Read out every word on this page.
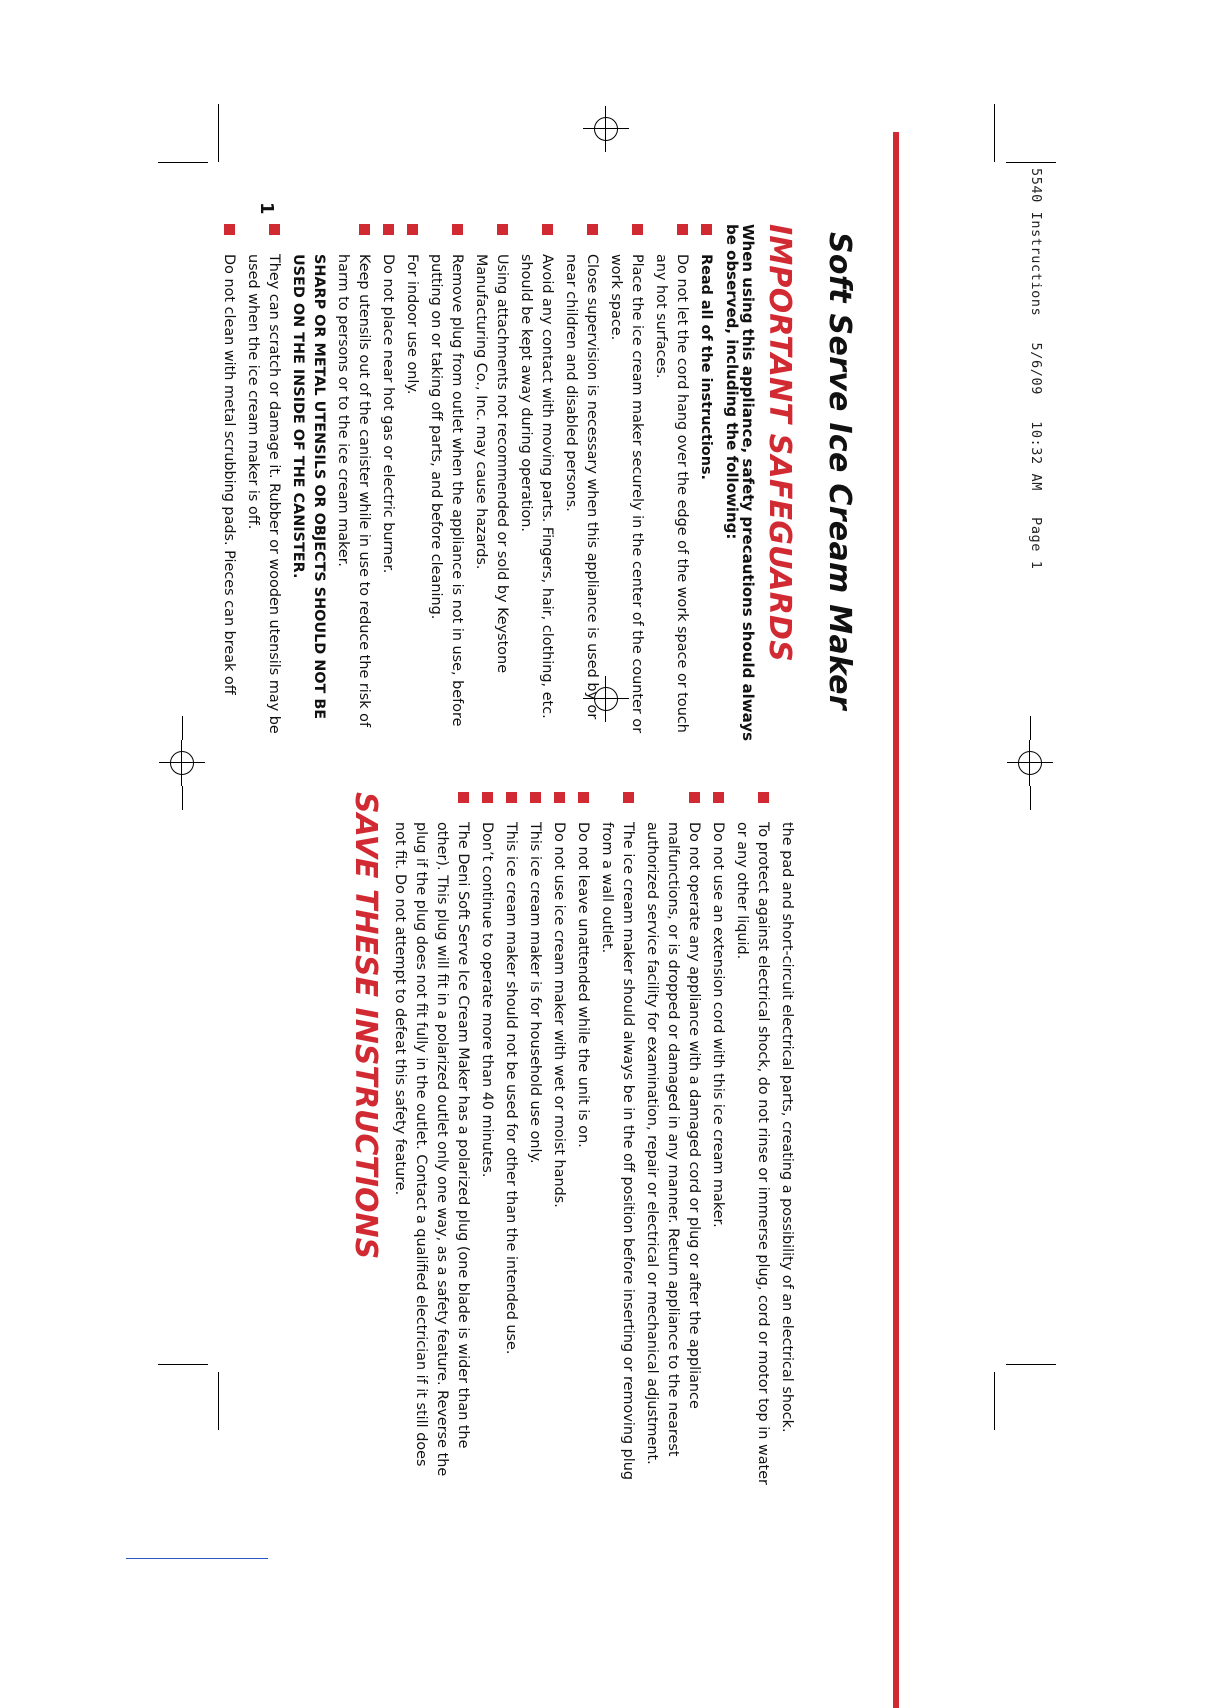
5540 Instructions   5/6/09   10:32 AM   Page 1
Soft Serve Ice Cream Maker
IMPORTANT SAFEGUARDS

When using this appliance, safety precautions should always be observed, including the following:

Read all of the instructions.
Do not let the cord hang over the edge of the work space or touch any hot surfaces.
Place the ice cream maker securely in the center of the counter or work space.
Close supervision is necessary when this appliance is used by or near children and disabled persons.
Avoid any contact with moving parts. Fingers, hair, clothing, etc. should be kept away during operation.
Using attachments not recommended or sold by Keystone Manufacturing Co., Inc. may cause hazards.
Remove plug from outlet when the appliance is not in use, before putting on or taking off parts, and before cleaning.
For indoor use only.
Do not place near hot gas or electric burner.
Keep utensils out of the canister while in use to reduce the risk of harm to persons or to the ice cream maker.
SHARP OR METAL UTENSILS OR OBJECTS SHOULD NOT BE USED ON THE INSIDE OF THE CANISTER.
They can scratch or damage it. Rubber or wooden utensils may be used when the ice cream maker is off.
Do not clean with metal scrubbing pads. Pieces can break off
the pad and short-circuit electrical parts, creating a possibility of an electrical shock.
To protect against electrical shock, do not rinse or immerse plug, cord or motor top in water or any other liquid.
Do not use an extension cord with this ice cream maker.
Do not operate any appliance with a damaged cord or plug or after the appliance malfunctions, or is dropped or damaged in any manner. Return appliance to the nearest authorized service facility for examination, repair or electrical or mechanical adjustment.
The ice cream maker should always be in the off position before inserting or removing plug from a wall outlet.
Do not leave unattended while the unit is on.
Do not use ice cream maker with wet or moist hands.
This ice cream maker is for household use only.
This ice cream maker should not be used for other than the intended use.
Don’t continue to operate more than 40 minutes.
The Deni Soft Serve Ice Cream Maker has a polarized plug (one blade is wider than the other). This plug will fit in a polarized outlet only one way, as a safety feature. Reverse the plug if the plug does not fit fully in the outlet. Contact a qualified electrician if it still does not fit. Do not attempt to defeat this safety feature.
SAVE THESE INSTRUCTIONS
1
